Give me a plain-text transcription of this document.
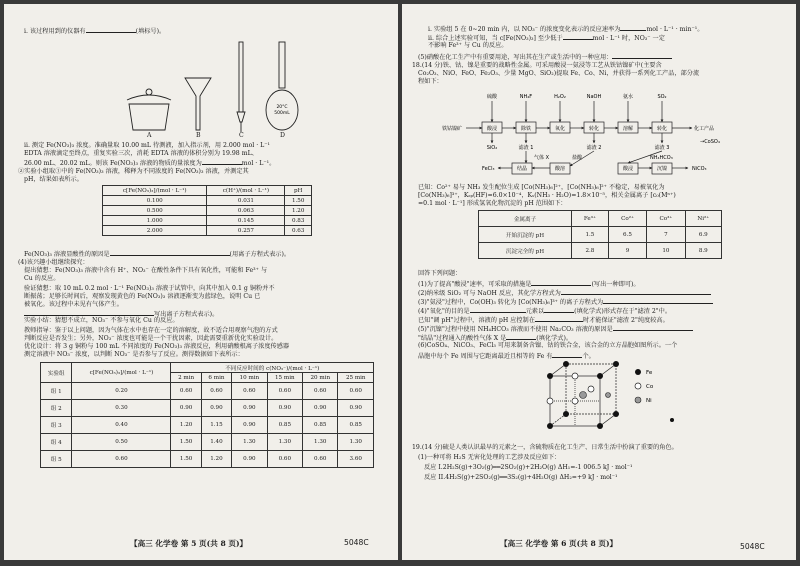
i. 该过程用到的仪器有	(填标号)。
20°C
500mL
A	B	C	D
ii. 测定 Fe(NO₃)₃ 浓度。准确量取 10.00 mL 待测液，加入指示剂，用 2.000 mol · L⁻¹
EDTA 溶液滴定至终点，重复实验三次，消耗 EDTA 溶液的体积分别为 19.98 mL、
26.00 mL、20.02 mL。则该 Fe(NO₃)₃ 溶液的物质的量浓度为	mol · L⁻¹。
②实验小组取①中的 Fe(NO₃)₃ 溶液，稀释为不同浓度的 Fe(NO₃)₃ 溶液，并测定其
pH，结果如表所示。
c[Fe(NO₃)₃]/(mol · L⁻¹)	c(H⁺)/(mol · L⁻¹)	pH
0.100	0.031	1.50
0.500	0.063	1.20
1.000	0.145	0.83
2.000	0.257	0.63
Fe(NO₃)₃ 溶液显酸性的原因是	(用离子方程式表示)。
(4)该兴趣小组继续探究：
提出猜想：Fe(NO₃)₃ 溶液中含有 H⁺、NO₃⁻ 在酸性条件下具有氧化性，可能和 Fe³⁺ 与
Cu 的反应。
验证猜想：取 10 mL 0.2 mol · L⁻¹ Fe(NO₃)₃ 溶液于试管中，向其中加入 0.1 g 铜粉并不
断振荡；足够长时间后，观察发现黄色的 Fe(NO₃)₃ 溶液逐渐变为蓝绿色，说明 Cu 已
被氧化。该过程中未见有气体产生。
写出离子方程式表示)。
实验小结：猜想不成立，NO₃⁻ 不参与氧化 Cu 的反应。
教师指导：鉴于以上问题，因为气体在水中也存在一定的溶解度，故不适合用观察气泡的方式
判断反应是否发生；另外，NO₃⁻ 浓度也可能是一个干扰因素，因此需要重新优化实验设计。
优化设计：将 3 g 铜粉与 100 mL 不同浓度的 Fe(NO₃)₃ 溶液反应，利用硝酸根离子浓度传感器
测定溶液中 NO₃⁻ 浓度，以判断 NO₃⁻ 是否参与了反应。测得数据如下表所示：
实验组	c[Fe(NO₃)₃]/(mol · L⁻¹)	不同反应时间的 c(NO₃⁻)/(mol · L⁻¹)					
		2 min	6 min	10 min	15 min	20 min	25 min
组 1	0.20	0.60	0.60	0.60	0.60	0.60	0.60
组 2	0.30	0.90	0.90	0.90	0.90	0.90	0.90
组 3	0.40	1.20	1.15	0.90	0.85	0.85	0.85
组 4	0.50	1.50	1.40	1.30	1.30	1.30	1.30
组 5	0.60	1.50	1.20	0.90	0.60	0.60	3.60
【高三 化学卷 第 5 页(共 8 页)】	5048C
i. 实验组 5 在 0~20 min 内，以 NO₃⁻ 的浓度变化表示的反应速率为	mol · L⁻¹ · min⁻¹。
ii. 综合上述实验可知，当 c[Fe(NO₃)₃] 至少低于	mol · L⁻¹ 时，NO₃⁻ 一定
不影响 Fe³⁺ 与 Cu 的反应。
(5)硝酸在化工生产中有重要用途，写出其在生产或生活中的一种应用：
18.(14 分)铁、钴、镍是重要的战略性金属。可采用酸浸一氨浸等工艺从铁钴镍矿中(主要含
Co₂O₃、NiO、FeO、Fe₂O₃、少量 MgO、SiO₂)提取 Fe、Co、Ni，并获得一系列化工产品，部分流
程如下：
铁钴镍矿	酸浸	除铁	氧化	转化	溶解	转化
硫酸	NH₄F	H₂O₂	NaOH	氨水	SO₂
化工产品
→CoSO₄
SiO₂	滤渣 1	滤渣 2	滤渣 3
FeCl₃	结晶	酸溶	酸浸	沉镍	NiCO₃
气体 X	盐酸	NH₄HCO₃
已知：Co²⁺ 易与 NH₃ 发生配位生成 [Co(NH₃)₆]²⁺，[Co(NH₃)₆]²⁺ 不稳定，易被氧化为
[Co(NH₃)₆]³⁺，Kₛₚ(HF)=6.0×10⁻⁴，Kₛ(NH₃ · H₂O)=1.8×10⁻⁵，相关金属离子 [c₀(Mⁿ⁺)
=0.1 mol · L⁻¹] 形成氢氧化物沉淀的 pH 范围如下：
金属离子	Fe³⁺	Co²⁺	Co³⁺	Ni²⁺
开始沉淀的 pH	1.5	6.5	7	6.9
沉淀完全的 pH	2.8	9	10	8.9
回答下列问题：
(1)为了提高"酸浸"速率，可采取的措施是	(写出一种即可)。
(2)纳米级 SiO₂ 可与 NaOH 反应，其化学方程式为
(3)"氨浸"过程中，Co(OH)₃ 转化为 [Co(NH₃)₆]³⁺ 的离子方程式为
(4)"氧化"的目的是	元素以	(填化学式)形式存在于"滤渣 2"中。
已知"调 pH"过程中，溶液的 pH 应控制在	时才能保证"滤渣 2"纯度较高。
(5)"沉镍"过程中使用 NH₄HCO₃ 溶液而不使用 Na₂CO₃ 溶液的原因是
"结晶"过程通入的酸性气体 X 是	(填化学式)。
(6)CoSO₄、NiCO₃、FeCl₃ 可用来制备含镍、钴的铁合金，该合金的立方晶胞如图所示。一个
晶胞中每个 Fe 周围与它距离最近且相等的 Fe 有	个。
Fe
Co
Ni
19.(14 分)硫是人类认识最早的元素之一，含硫物质在化工生产、日常生活中扮演了重要的角色。
(1)一种可将 H₂S 无害化处理的工艺涉及反应如下：
反应 I.2H₂S(g)+3O₂(g)══2SO₂(g)+2H₂O(g) ΔH₁=-1 006.5 kJ · mol⁻¹
反应 II.4H₂S(g)+2SO₂(g)══3S₂(g)+4H₂O(g) ΔH₂=+9 kJ · mol⁻¹
【高三 化学卷 第 6 页(共 8 页)】	5048C
